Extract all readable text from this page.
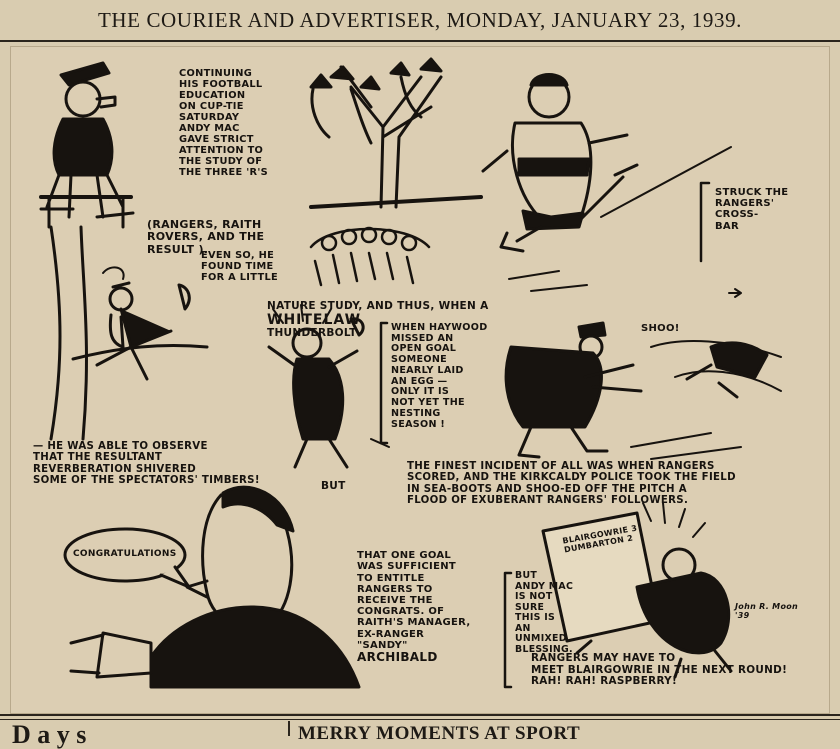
THE COURIER AND ADVERTISER, MONDAY, JANUARY 23, 1939.

CONTINUING
HIS FOOTBALL
EDUCATION
ON CUP-TIE
SATURDAY
ANDY MAC
GAVE STRICT
ATTENTION TO
THE STUDY OF
THE THREE 'R'S
(RANGERS, RAITH
ROVERS, AND THE
RESULT ).
EVEN SO, HE
FOUND TIME
FOR A LITTLE

NATURE STUDY, AND THUS, WHEN A
WHITELAW
THUNDERBOLT

STRUCK THE
RANGERS'
CROSS-
BAR
WHEN HAYWOOD
MISSED AN
OPEN GOAL
SOMEONE
NEARLY LAID
AN EGG —
ONLY IT IS
NOT YET THE
NESTING
SEASON !
— HE WAS ABLE TO OBSERVE
THAT THE RESULTANT
REVERBERATION SHIVERED
SOME OF THE SPECTATORS' TIMBERS!	BUT
THE FINEST INCIDENT OF ALL WAS WHEN RANGERS
SCORED, AND THE KIRKCALDY POLICE TOOK THE FIELD
IN SEA-BOOTS AND SHOO-ED OFF THE PITCH A
FLOOD OF EXUBERANT RANGERS' FOLLOWERS.

THAT ONE GOAL
WAS SUFFICIENT
TO ENTITLE
RANGERS TO
RECEIVE THE
CONGRATS. OF
RAITH'S MANAGER,
EX-RANGER
"SANDY"

ARCHIBALD

BUT
ANDY MAC
IS NOT
SURE
THIS IS
AN
UNMIXED
BLESSING.
RANGERS MAY HAVE TO
MEET BLAIRGOWRIE IN THE NEXT ROUND!
RAH! RAH! RASPBERRY!
SHOO!
CONGRATULATIONS
BLAIRGOWRIE 3
DUMBARTON 2
John R. Moon
'39
D a y s	MERRY MOMENTS AT SPORT
